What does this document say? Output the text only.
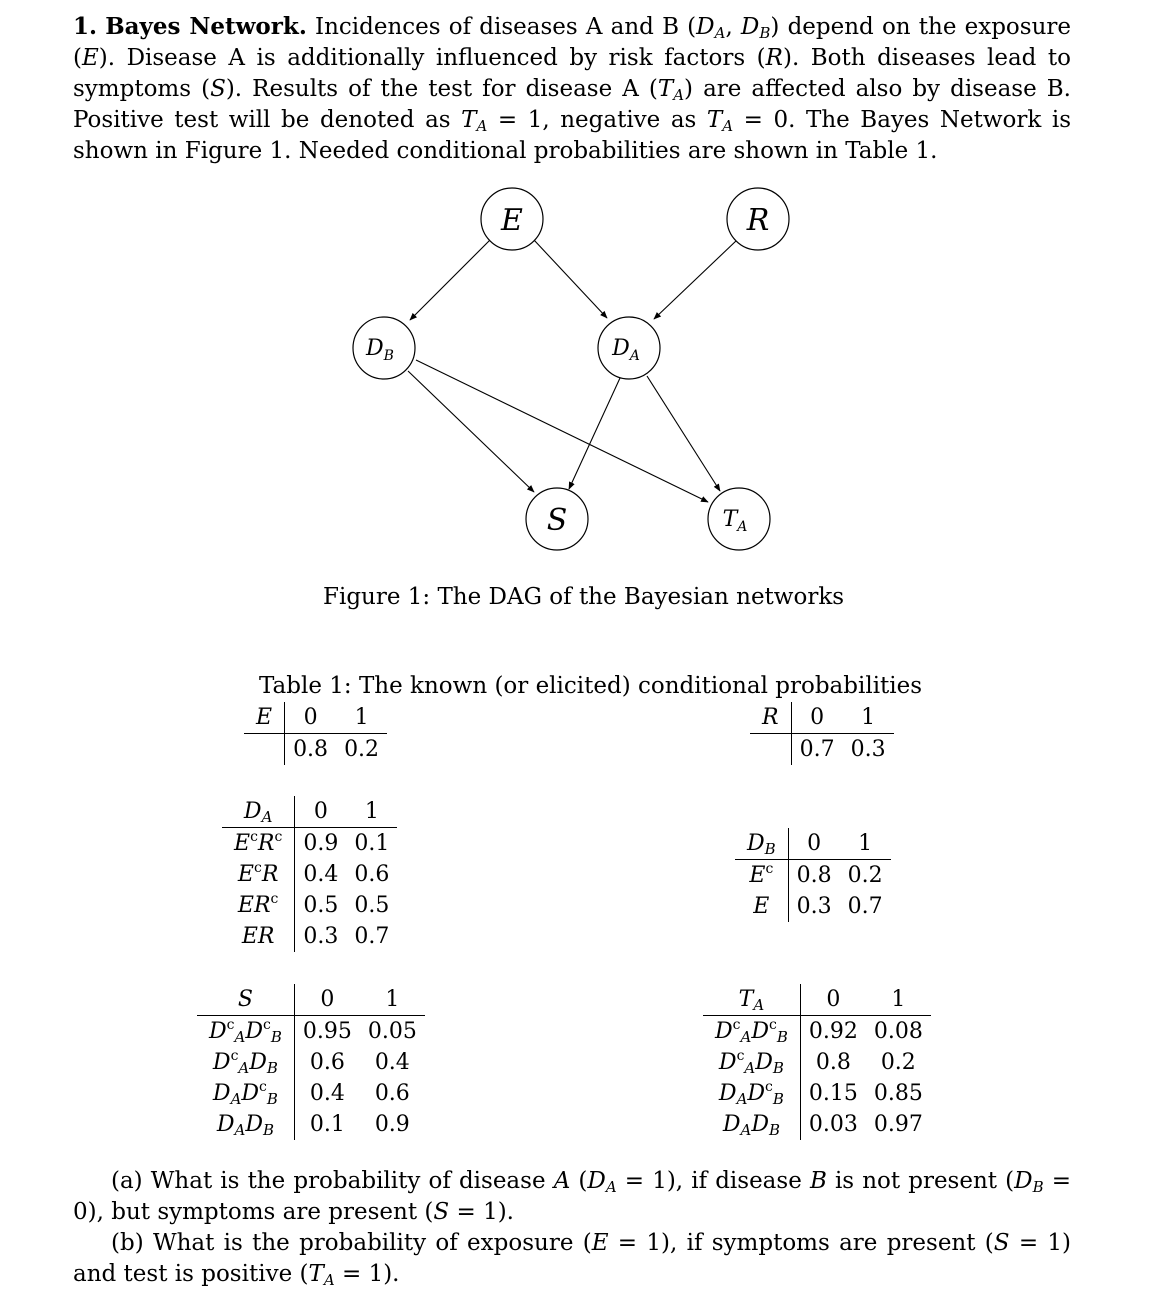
1. Bayes Network. Incidences of diseases A and B ($D_A$, $D_B$) depend on the exposure (E). Disease A is additionally influenced by risk factors (R). Both diseases lead to symptoms (S). Results of the test for disease A $(T_A)$ are affected also by disease B. Positive test will be denoted as $T_A = 1$, negative as $T_A = 0$. The Bayes Network is shown in Figure 1. Needed conditional probabilities are shown in Table 1.
E	R
$D_B$	$D_A$
S	$T_A$
Figure 1: The DAG of the Bayesian networks
Table 1: The known (or elicited) conditional probabilities
E	0	1
	0.8	0.2
R	0	1
	0.7	0.3
$D_A$	0	1
$E^cR^c$	0.9	0.1
$E^cR$	0.4	0.6
$ER^c$	0.5	0.5
ER	0.3	0.7
$D_B$	0	1
$E^c$	0.8	0.2
E	0.3	0.7
S	0	1
$D^c_AD^c_B$	0.95	0.05
$D^c_AD_B$	0.6	0.4
$D_AD^c_B$	0.4	0.6
$D_AD_B$	0.1	0.9
$T_A$	0	1
$D^c_AD^c_B$	0.92	0.08
$D^c_AD_B$	0.8	0.2
$D_AD^c_B$	0.15	0.85
$D_AD_B$	0.03	0.97
(a) What is the probability of disease A $(D_A = 1)$, if disease B is not present $(D_B = 0)$, but symptoms are present (S = 1).
(b) What is the probability of exposure (E = 1), if symptoms are present (S = 1) and test is positive $(T_A = 1)$.
